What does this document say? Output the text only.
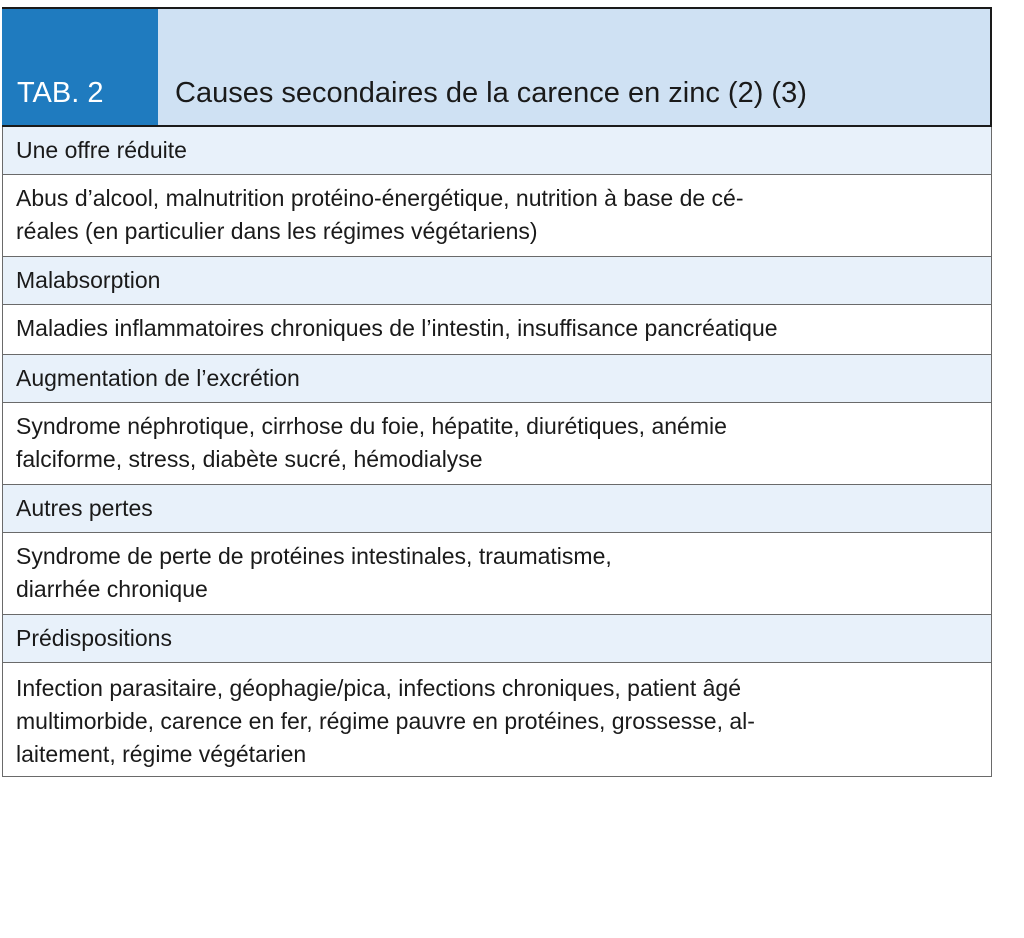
TAB. 2	Causes secondaires de la carence en zinc (2) (3)
Une offre réduite
Abus d’alcool, malnutrition protéino-énergétique, nutrition à base de cé-
réales (en particulier dans les régimes végétariens)
Malabsorption
Maladies inflammatoires chroniques de l’intestin, insuffisance pancréatique
Augmentation de l’excrétion
Syndrome néphrotique, cirrhose du foie, hépatite, diurétiques, anémie
falciforme, stress, diabète sucré, hémodialyse
Autres pertes
Syndrome de perte de protéines intestinales, traumatisme,
diarrhée chronique
Prédispositions
Infection parasitaire, géophagie/pica, infections chroniques, patient âgé
multimorbide, carence en fer, régime pauvre en protéines, grossesse, al-
laitement, régime végétarien
